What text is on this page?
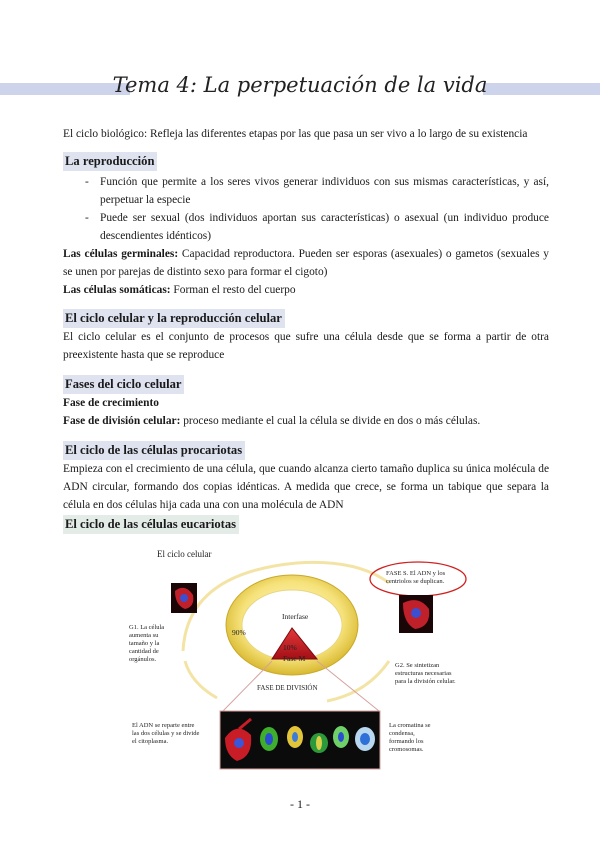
Tema 4: La perpetuación de la vida
El ciclo biológico: Refleja las diferentes etapas por las que pasa un ser vivo a lo largo de su existencia
La reproducción
- Función que permite a los seres vivos generar individuos con sus mismas características, y así, perpetuar la especie
- Puede ser sexual (dos individuos aportan sus características) o asexual (un individuo produce descendientes idénticos)
Las células germinales: Capacidad reproductora. Pueden ser esporas (asexuales) o gametos (sexuales y se unen por parejas de distinto sexo para formar el cigoto)
Las células somáticas: Forman el resto del cuerpo
El ciclo celular y la reproducción celular
El ciclo celular es el conjunto de procesos que sufre una célula desde que se forma a partir de otra preexistente hasta que se reproduce
Fases del ciclo celular
Fase de crecimiento
Fase de división celular: proceso mediante el cual la célula se divide en dos o más células.
El ciclo de las células procariotas
Empieza con el crecimiento de una célula, que cuando alcanza cierto tamaño duplica su única molécula de ADN circular, formando dos copias idénticas. A medida que crece, se forma un tabique que separa la célula en dos células hija cada una con una molécula de ADN
El ciclo de las células eucariotas
El ciclo celular
Interfase
90%
10%
Fase M
FASE DE DIVISIÓN
G1. La célula aumenta su tamaño y la cantidad de orgánulos.
FASE S. El ADN y los centriolos se duplican.
G2. Se sintetizan estructuras necesarias para la división celular.
El ADN se reparte entre las dos células y se divide el citoplasma.
La cromatina se condensa, formando los cromosomas.
- 1 -
